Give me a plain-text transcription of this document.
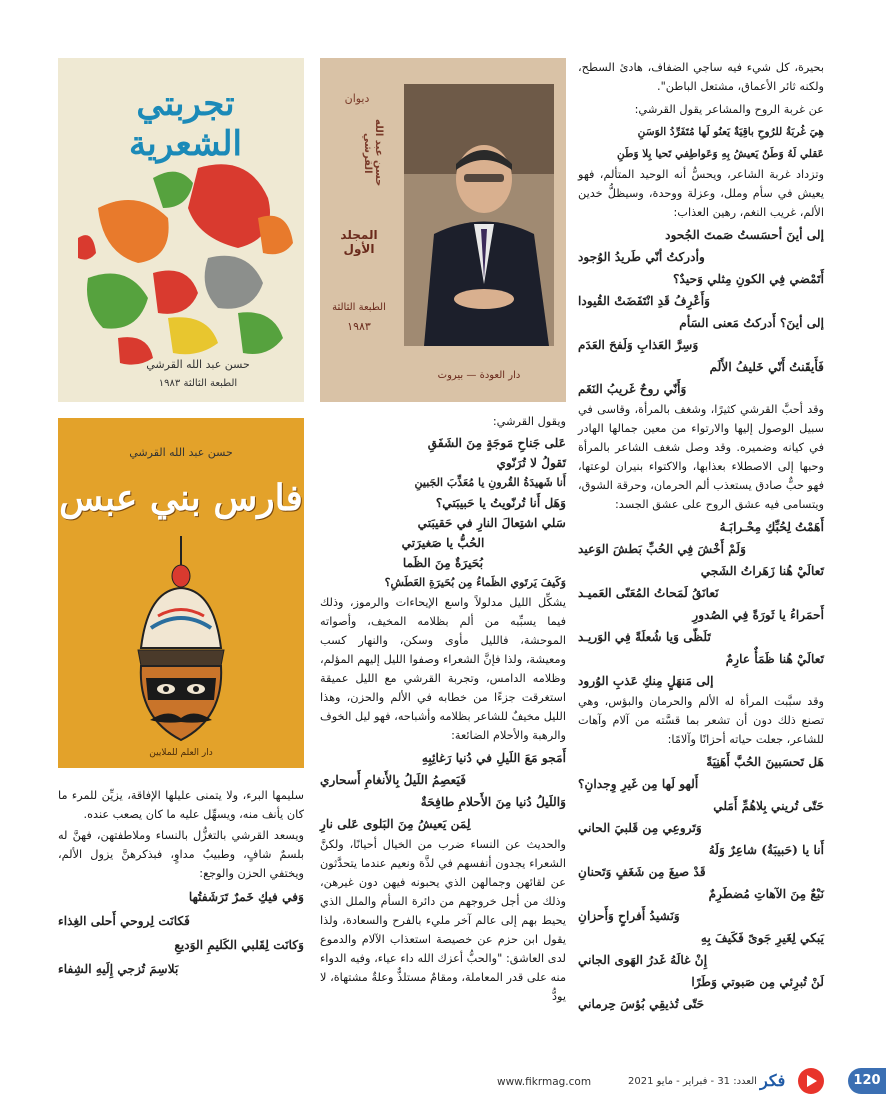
تجربتي الشعرية
حسن عبد الله القرشي
الطبعة الثالثة ١٩٨٣
ديوان
حسن عبد الله القرشي
المجلد الأول
الطبعة الثالثة
١٩٨٣
دار العودة — بيروت
حسن عبد الله القرشي
فارس بني عبس
دار العلم للملايين

بحيرة، كل شيء فيه ساجي الضفاف، هادئ السطح، ولكنه ثائر الأعماق، مشتعل الباطن".

عن غربة الروح والمشاعر يقول القرشي:

هِيَ غُربَةُ للرُوحِ باقِيَةٌ يَعنُو لَها مُتَفَرِّدُ الوَسَنِ
عَقلي لَهُ وَطَنٌ يَعيشُ بِهِ وَعَواطِفي تَحيا بِلا وَطَنِ

وتزداد غربة الشاعر، ويحسُّ أنه الوحيد المتألم، فهو يعيش في سأم وملل، وعزلة ووحدة، وسيظلُّ خدين الألم، غريب النغم، رهين العذاب:

إلى أينَ أحسَستُ صَمتَ الجُحود
وأدركتُ أنّي طَريدُ الوُجود
أَتَمْضي فِي الكونِ مِثلي وَحيدٌ؟
وَأَعْرِفُ قَدِ انْتَفَضَتْ القُيودا
إلى أينَ؟ أَدركتُ مَعنى السَأم
وَسِرَّ العَذابِ وَلَفحَ العَدَم
فَأَيقَنتُ أَنّي خَليفُ الأَلَم
وَأَنّي روحٌ غَريبُ النَغَم

وقد أحبَّ القرشي كثيرًا، وشغف بالمرأة، وقاسى في سبيل الوصول إليها والارتواء من معين جمالها الهادر في كيانه وضميره. وقد وصل شغف الشاعر بالمرأة وحبها إلى الاصطلاء بعذابها، والاكتواء بنيران لوعتها، فهو حبٌّ صادق يستعذب ألم الحرمان، وحرقة الشوق، ويتسامى فيه عشق الروح على عشق الجسد:

أَهَمْتُ لِحُبِّكِ مِحْـرابَـهُ
وَلَمْ أَخْشَ فِي الحُبِّ بَطشَ الوَعيد
تَعالَيْ هُنا زَهَراتُ الشَجي
نَعانَقُ لَمَحاتُ المُعَنّى العَميـد
أَحمَراءُ يا ثَورَةً فِي الصُدورِ
تَلَظّى وَيا شُعلَةً فِي الوَريـد
تَعالَيْ هُنا ظَمَأٌ عارِمٌ
إلى مَنهَلٍ مِنكِ عَذبِ الوُرود

وقد سبَّبت المرأة له الألم والحرمان والبؤس، وهي تصنع ذلك دون أن تشعر بما قسَّته من آلام وآهات للشاعر، جعلت حياته أحزانًا وآلامًا:

هَل تَحسَبينَ الحُبَّ أَهَنِيَةً
أَلهو لَها مِن غَيرِ وِجدانِ؟
حَتّى تُريني بِلاهُمِّ أَمَلي
وَتَروعِي مِن قَلبيَ الحاني
أَنا يا (حَبيبَةُ) شاعِرٌ وَلَهُ
قَدْ صيغَ مِن شَغَفٍ وَتَحنانِ
نَبْعٌ مِنَ الآهاتِ مُضطَرِمٌ
وَنَشيدُ أَفراحٍ وَأَحزانِ
يَبكي لِغَيرِ جَوىً فَكَيفَ بِهِ
إِنْ غالَهُ غَدرُ الهَوى الجاني
لَنْ تُبرِئي مِن صَبوتي وَطَرًا
حَتّى تُذيقِي بُؤسَ حِرماني

ويقول القرشي:

عَلى جَناحِ مَوجَةٍ مِنَ الشَفَقِ
تَقولُ لا تُرَنّوي
أَنا شَهيدَةُ القُرونِ يا مُعَذِّبَ الجَبينِ
وَهَل أَنا تُرنّويتُ يا حَبيبَتي؟
سَلي اشتِعالَ النارِ في حَقيبَتي
الحُبُّ يا صَغيرَتي
بُحَيرَةٌ مِنَ الظَما
وَكَيفَ يَرتَوي الظَماءُ مِن بُحَيرَةِ العَطَشِ؟

يشكِّل الليل مدلولاً واسع الإيحاءات والرموز، وذلك فيما يسبِّبه من ألم بظلامه المخيف، وأصواته الموحشة، فالليل مأوى وسكن، والنهار كسب ومعيشة، ولذا فإنَّ الشعراء وصفوا الليل إليهم المؤلم، وظلامه الدامس، وتجربة القرشي مع الليل عميقة استغرقت جزءًا من خطابه في الألم والحزن، وهذا الليل مخيفٌ للشاعر بظلامه وأشباحه، فهو ليل الخوف والرهبة والأحلام الضائعة:

أَمَجو مَعَ اللَيلِ في دُنيا رَغائِبِهِ
فَيَعصِمُ اللَيلُ بِالأَنغامِ أَسحاري
وَاللَيلُ دُنيا مِنَ الأَحلامِ طافِحَةٌ
لِمَن يَعيشُ مِنَ البَلوى عَلى نارِ

والحديث عن النساء ضرب من الخيال أحيانًا، ولكنَّ الشعراء يجدون أنفسهم في لذَّة ونعيم عندما يتحدَّثون عن لقائهن وجمالهن الذي يحبونه فيهن دون غيرهن، وذلك من أجل خروجهم من دائرة السأم والملل الذي يحيط بهم إلى عالم آخر مليء بالفرح والسعادة، ولذا يقول ابن حزم عن خصيصة استعذاب الآلام والدموع لدى العاشق: "والحبُّ أعزك الله داء عياء، وفيه الدواء منه على قدر المعاملة، ومقامٌ مستلذٌّ وعلةٌ مشتهاة، لا يودُّ

سليمها البرء، ولا يتمنى عليلها الإفاقة، يزيِّن للمرء ما كان يأنف منه، ويسهِّل عليه ما كان يصعب عنده.

ويسعد القرشي بالتغزُّل بالنساء وملاطفتهن، فهنَّ له بلسمٌ شافٍ، وطبيبٌ مداوٍ، فبذكرهنَّ يزول الألم، ويختفي الحزن والوجع:

وَفي فيكِ خَمرٌ تَرَشَفتُها
فَكانَت لِروحي أَحلى الغِذاء
وَكانَت لِقَلبي الكَليمِ الوَديعِ
بَلاسِمَ تُزجي إِلَيهِ الشِفاء
www.fikrmag.com	العدد: 31 - فبراير - مايو 2021 فكر	120
